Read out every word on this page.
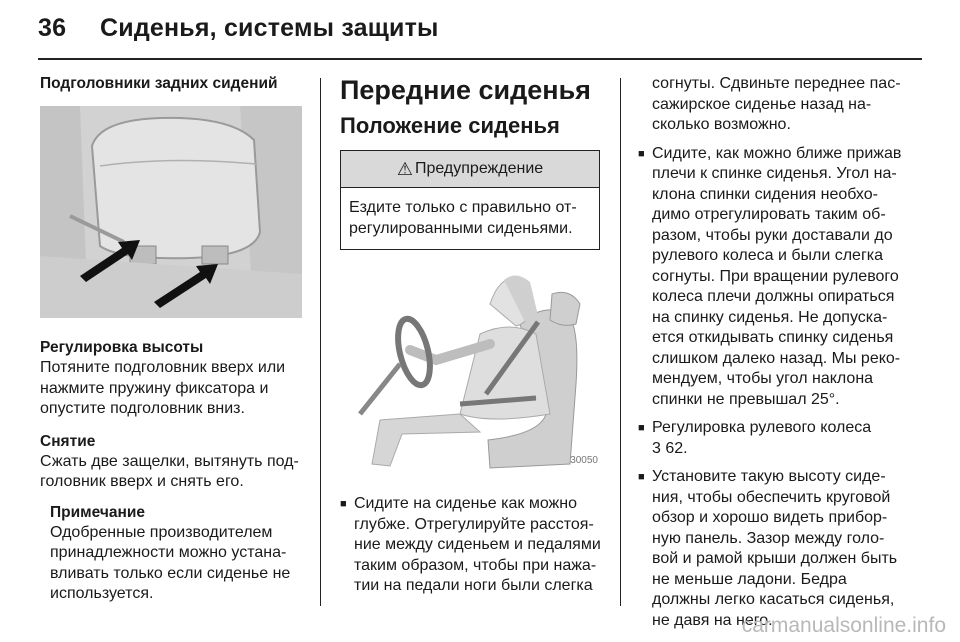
36 Сиденья, системы защиты
Подголовники задних сидений
Регулировка высоты

Потяните подголовник вверх или нажмите пружину фиксатора и опустите подголовник вниз.

Снятие

Сжать две защелки, вытянуть под-головник вверх и снять его.

Примечание

Одобренные производителем принадлежности можно устана-вливать только если сиденье не используется.

Передние сиденья
Положение сиденья
⚠ Предупреждение
Ездите только с правильно от-регулированными сиденьями.
30050
■ Сидите на сиденье как можно глубже. Отрегулируйте расстоя-ние между сиденьем и педалями таким образом, чтобы при нажа-тии на педали ноги были слегка
согнуты. Сдвиньте переднее пас-сажирское сиденье назад на-сколько возможно.
■ Сидите, как можно ближе прижав плечи к спинке сиденья. Угол на-клона спинки сидения необхо-димо отрегулировать таким об-разом, чтобы руки доставали до рулевого колеса и были слегка согнуты. При вращении рулевого колеса плечи должны опираться на спинку сиденья. Не допуска-ется откидывать спинку сиденья слишком далеко назад. Мы реко-мендуем, чтобы угол наклона спинки не превышал 25°.
■ Регулировка рулевого колеса
3 62.
■ Установите такую высоту сиде-ния, чтобы обеспечить круговой обзор и хорошо видеть прибор-ную панель. Зазор между голо-вой и рамой крыши должен быть не меньше ладони. Бедра должны легко касаться сиденья, не давя на него.
carmanualsonline.info
